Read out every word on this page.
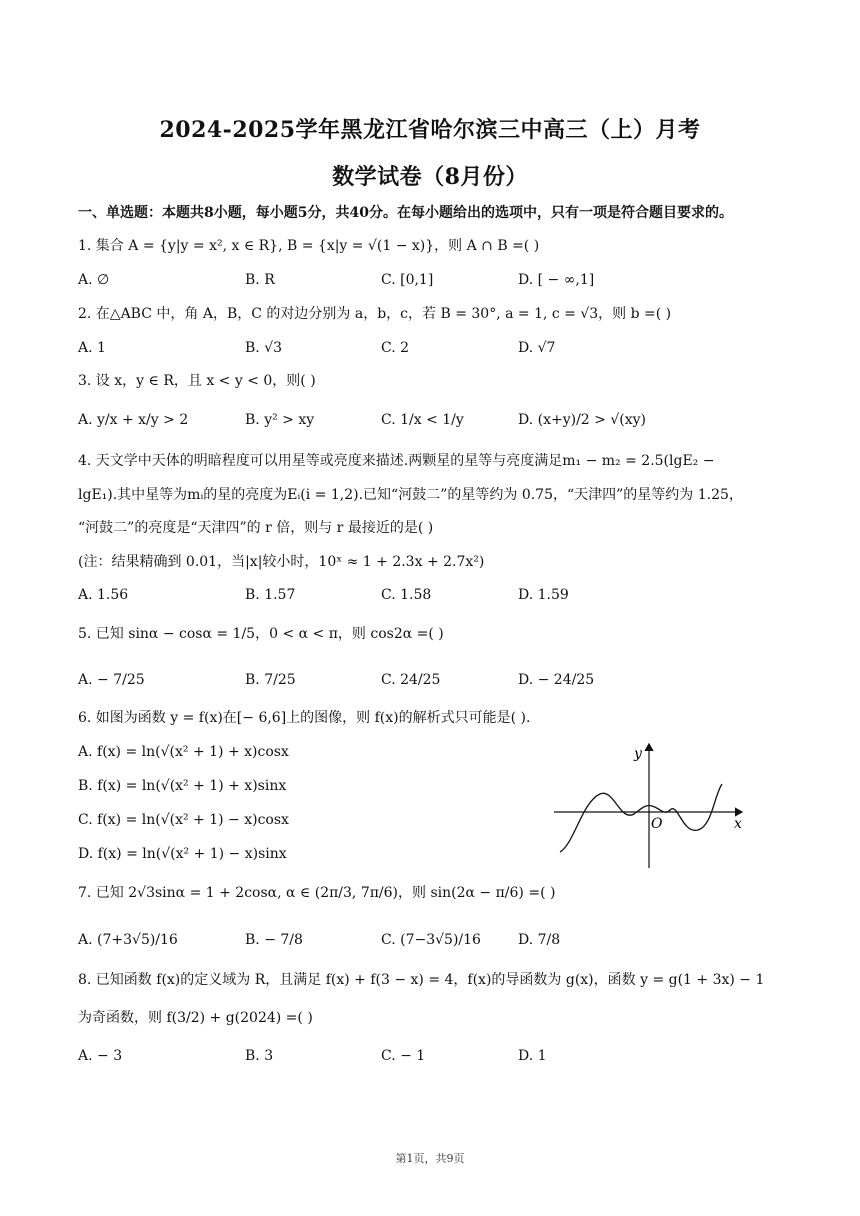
2024-2025学年黑龙江省哈尔滨三中高三（上）月考
数学试卷（8月份）
一、单选题：本题共8小题，每小题5分，共40分。在每小题给出的选项中，只有一项是符合题目要求的。
1. 集合 A = {y|y = x², x ∈ R}, B = {x|y = √(1 − x)}，则 A ∩ B =( )
A. ∅	B. R	C. [0,1]	D. [ − ∞,1]
2. 在△ABC 中，角 A，B，C 的对边分别为 a，b，c，若 B = 30°, a = 1, c = √3，则 b =( )
A. 1	B. √3	C. 2	D. √7
3. 设 x，y ∈ R，且 x < y < 0，则( )
A. y/x + x/y > 2	B. y² > xy	C. 1/x < 1/y	D. (x+y)/2 > √(xy)
4. 天文学中天体的明暗程度可以用星等或亮度来描述.两颗星的星等与亮度满足m₁ − m₂ = 2.5(lgE₂ −
lgE₁).其中星等为mᵢ的星的亮度为Eᵢ(i = 1,2).已知“河鼓二”的星等约为 0.75，“天津四”的星等约为 1.25，
“河鼓二”的亮度是“天津四”的 r 倍，则与 r 最接近的是( )
(注：结果精确到 0.01，当|x|较小时，10ˣ ≈ 1 + 2.3x + 2.7x²)
A. 1.56	B. 1.57	C. 1.58	D. 1.59
5. 已知 sinα − cosα = 1/5，0 < α < π，则 cos2α =( )
A. − 7/25	B. 7/25	C. 24/25	D. − 24/25
6. 如图为函数 y = f(x)在[− 6,6]上的图像，则 f(x)的解析式只可能是( ).
A. f(x) = ln(√(x² + 1) + x)cosx
B. f(x) = ln(√(x² + 1) + x)sinx
C. f(x) = ln(√(x² + 1) − x)cosx
D. f(x) = ln(√(x² + 1) − x)sinx
y
x
O
7. 已知 2√3sinα = 1 + 2cosα, α ∈ (2π/3, 7π/6)，则 sin(2α − π/6) =( )
A. (7+3√5)/16	B. − 7/8	C. (7−3√5)/16	D. 7/8
8. 已知函数 f(x)的定义域为 R，且满足 f(x) + f(3 − x) = 4，f(x)的导函数为 g(x)，函数 y = g(1 + 3x) − 1
为奇函数，则 f(3/2) + g(2024) =( )
A. − 3	B. 3	C. − 1	D. 1
第1页，共9页
